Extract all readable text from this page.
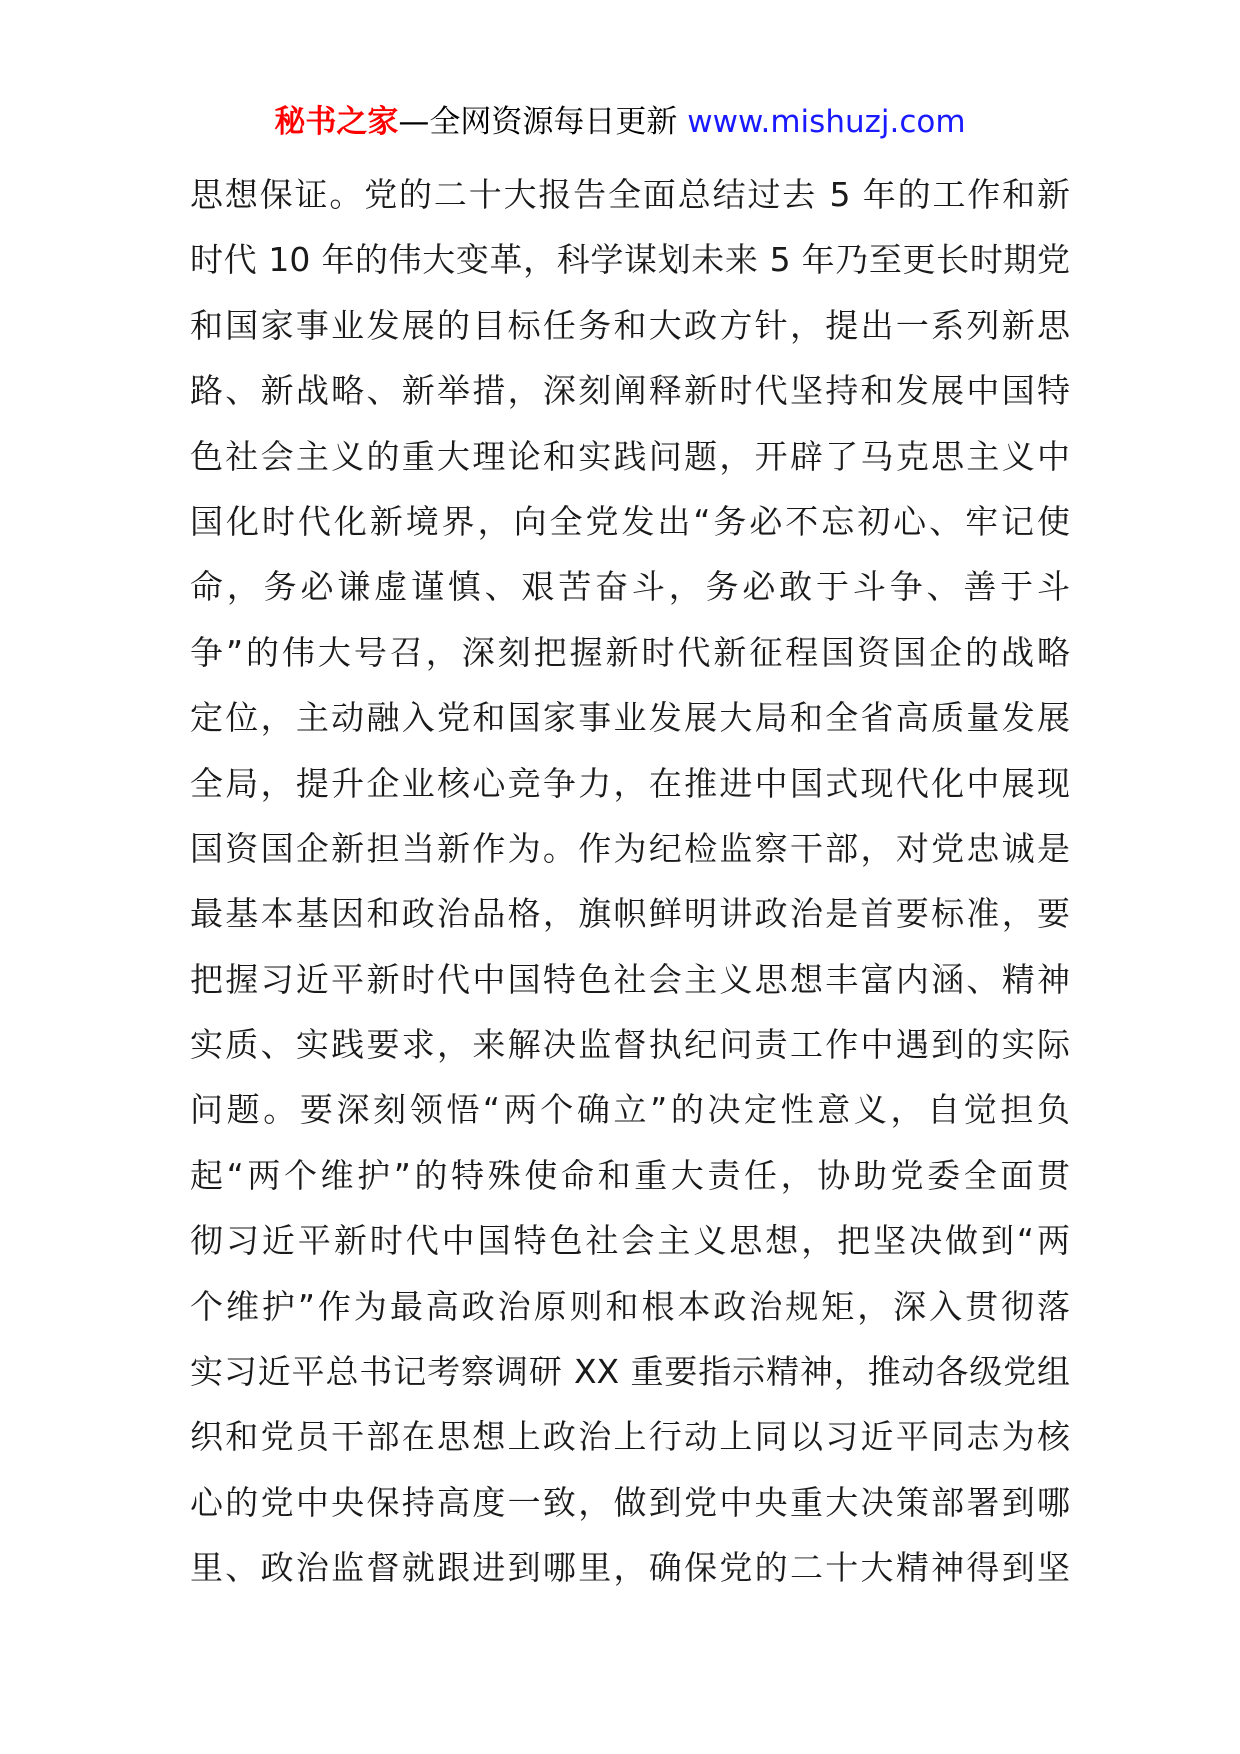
秘书之家—全网资源每日更新 www.mishuzj.com
思想保证。党的二十大报告全面总结过去 5 年的工作和新
时代 10 年的伟大变革，科学谋划未来 5 年乃至更长时期党
和国家事业发展的目标任务和大政方针，提出一系列新思
路、新战略、新举措，深刻阐释新时代坚持和发展中国特
色社会主义的重大理论和实践问题，开辟了马克思主义中
国化时代化新境界，向全党发出“务必不忘初心、牢记使
命，务必谦虚谨慎、艰苦奋斗，务必敢于斗争、善于斗
争”的伟大号召，深刻把握新时代新征程国资国企的战略
定位，主动融入党和国家事业发展大局和全省高质量发展
全局，提升企业核心竞争力，在推进中国式现代化中展现
国资国企新担当新作为。作为纪检监察干部，对党忠诚是
最基本基因和政治品格，旗帜鲜明讲政治是首要标准，要
把握习近平新时代中国特色社会主义思想丰富内涵、精神
实质、实践要求，来解决监督执纪问责工作中遇到的实际
问题。要深刻领悟“两个确立”的决定性意义，自觉担负
起“两个维护”的特殊使命和重大责任，协助党委全面贯
彻习近平新时代中国特色社会主义思想，把坚决做到“两
个维护”作为最高政治原则和根本政治规矩，深入贯彻落
实习近平总书记考察调研 XX 重要指示精神，推动各级党组
织和党员干部在思想上政治上行动上同以习近平同志为核
心的党中央保持高度一致，做到党中央重大决策部署到哪
里、政治监督就跟进到哪里，确保党的二十大精神得到坚
